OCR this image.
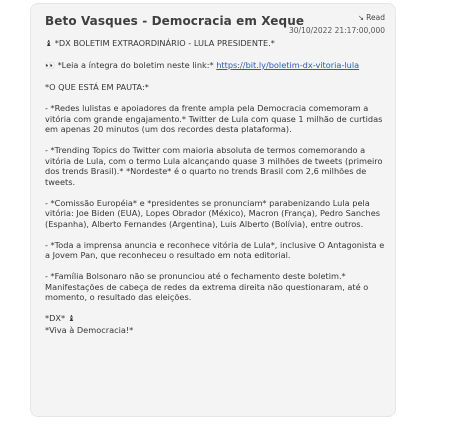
Beto Vasques - Democracia em Xeque	↘ Read
30/10/2022 21:17:00,000

♝ *DX BOLETIM EXTRAORDINÁRIO - LULA PRESIDENTE.*

👀 *Leia a íntegra do boletim neste link:* https://bit.ly/boletim-dx-vitoria-lula

*O QUE ESTÁ EM PAUTA:*

- *Redes lulistas e apoiadores da frente ampla pela Democracia comemoram a vitória com grande engajamento.* Twitter de Lula com quase 1 milhão de curtidas em apenas 20 minutos (um dos recordes desta plataforma).

- *Trending Topics do Twitter com maioria absoluta de termos comemorando a vitória de Lula, com o termo Lula alcançando quase 3 milhões de tweets (primeiro dos trends Brasil).* *Nordeste* é o quarto no trends Brasil com 2,6 milhões de tweets.

- *Comissão Européia* e *presidentes se pronunciam* parabenizando Lula pela vitória: Joe Biden (EUA), Lopes Obrador (México), Macron (França), Pedro Sanches (Espanha), Alberto Fernandes (Argentina), Luis Alberto (Bolívia), entre outros.

- *Toda a imprensa anuncia e reconhece vitória de Lula*, inclusive O Antagonista e a Jovem Pan, que reconheceu o resultado em nota editorial.

- *Família Bolsonaro não se pronunciou até o fechamento deste boletim.* Manifestações de cabeça de redes da extrema direita não questionaram, até o momento, o resultado das eleições.

*DX* ♝
*Viva à Democracia!*
